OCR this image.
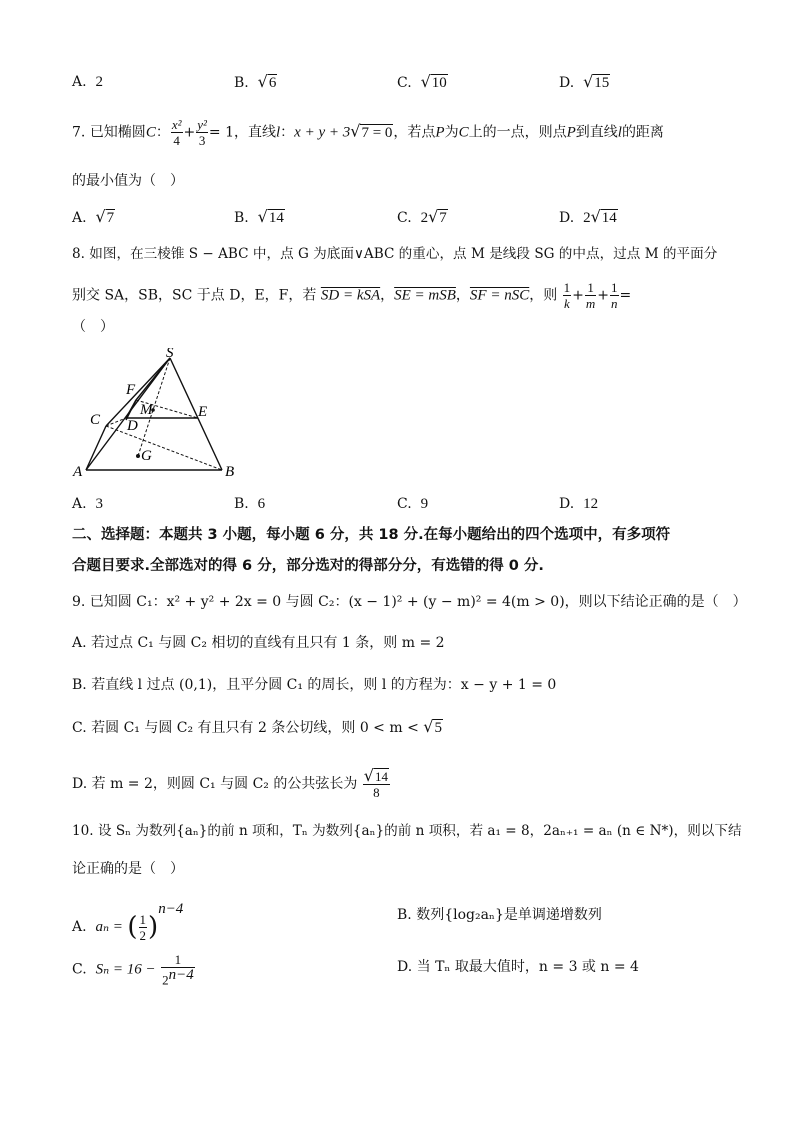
A. 2	B. √6	C. √10	D. √15
7. 已知椭圆C： $\frac{\text{x²}}{4} + \frac{\text{y²}}{3} = 1$，直线l：x + y + 3√7 = 0，若点P为C上的一点，则点P到直线l的距离
的最小值为（　）
A. √7	B. √14	C. 2√7	D. 2√14
8. 如图，在三棱锥 S − ABC 中，点 G 为底面∨ABC 的重心，点 M 是线段 SG 的中点，过点 M 的平面分
别交 SA，SB，SC 于点 D，E，F，若 SD = kSA，SE = mSB，SF = nSC，则 $\frac{1}{k} + \frac{1}{m} + \frac{1}{n}$ =
（　）
S
F
M	E
C D
G
A	B
A. 3	B. 6	C. 9	D. 12
二、选择题：本题共 3 小题，每小题 6 分，共 18 分.在每小题给出的四个选项中，有多项符
合题目要求.全部选对的得 6 分，部分选对的得部分分，有选错的得 0 分.
9. 已知圆 C₁：x² + y² + 2x = 0 与圆 C₂：(x − 1)² + (y − m)² = 4(m > 0)，则以下结论正确的是（　）
A. 若过点 C₁ 与圆 C₂ 相切的直线有且只有 1 条，则 m = 2
B. 若直线 l 过点 (0,1)，且平分圆 C₁ 的周长，则 l 的方程为：x − y + 1 = 0
C. 若圆 C₁ 与圆 C₂ 有且只有 2 条公切线，则 0 < m < √5
D. 若 m = 2，则圆 C₁ 与圆 C₂ 的公共弦长为 $\frac{√14}{8}$
10. 设 Sₙ 为数列{aₙ}的前 n 项和，Tₙ 为数列{aₙ}的前 n 项积，若 a₁ = 8，2aₙ₊₁ = aₙ (n ∈ N*)，则以下结
论正确的是（　）
A. aₙ = ( $\frac{1}{2} )^{n-4}$	B. 数列{log₂aₙ}是单调递增数列
C. $S_n = 16 - \frac{1}{2^{n-4}}$	D. 当 Tₙ 取最大值时，n = 3 或 n = 4
